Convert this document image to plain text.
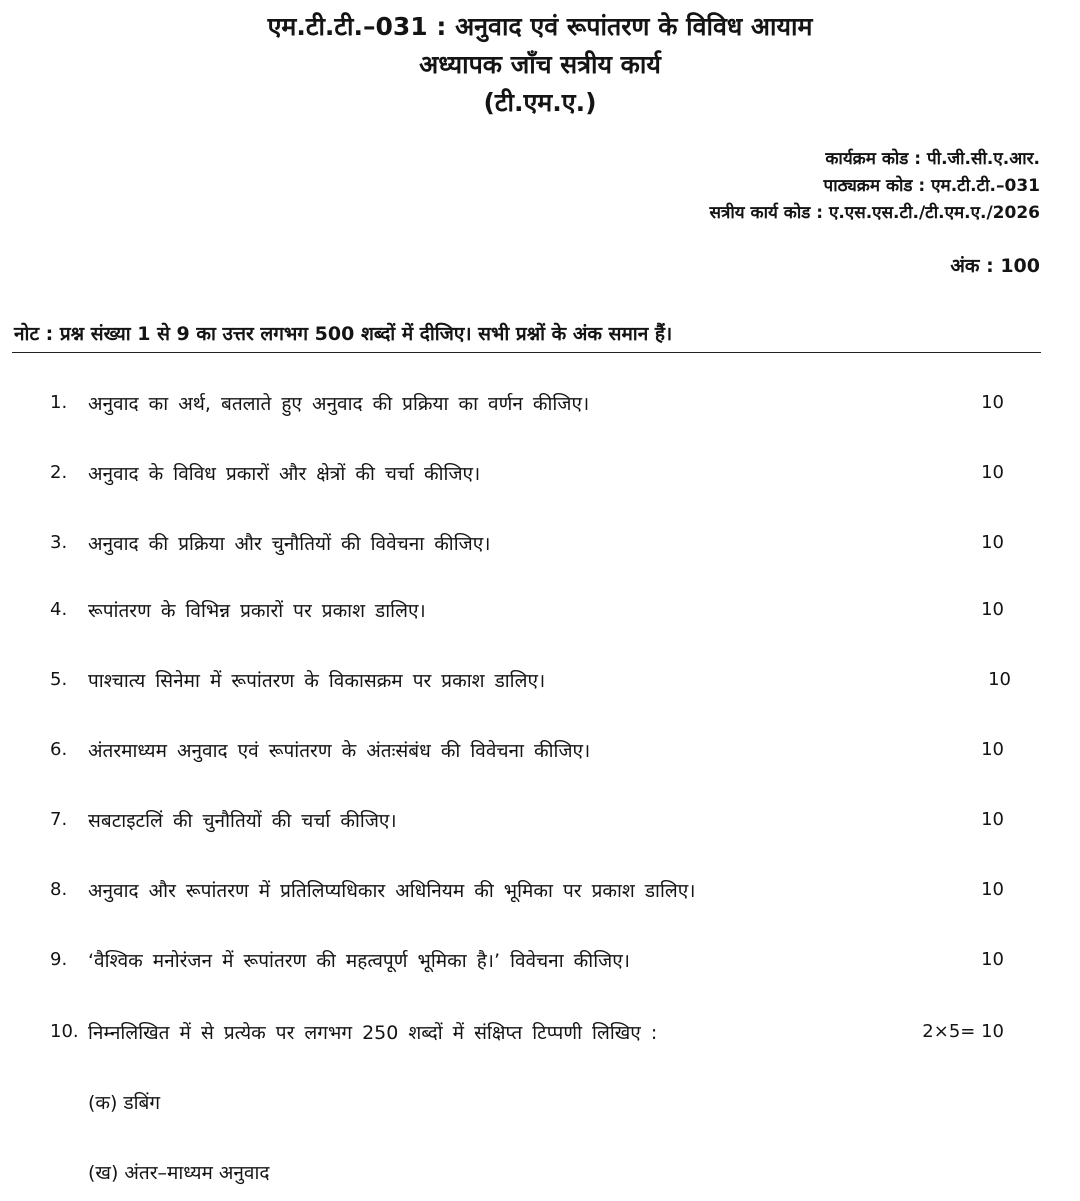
एम.टी.टी.–031 : अनुवाद एवं रूपांतरण के विविध आयाम
अध्यापक जाँच सत्रीय कार्य
(टी.एम.ए.)
कार्यक्रम कोड : पी.जी.सी.ए.आर.
पाठ्यक्रम कोड : एम.टी.टी.–031
सत्रीय कार्य कोड : ए.एस.एस.टी./टी.एम.ए./2026
अंक : 100
नोट : प्रश्न संख्या 1 से 9 का उत्तर लगभग 500 शब्दों में दीजिए। सभी प्रश्नों के अंक समान हैं।
1. अनुवाद का अर्थ, बतलाते हुए अनुवाद की प्रक्रिया का वर्णन कीजिए।	10
2. अनुवाद के विविध प्रकारों और क्षेत्रों की चर्चा कीजिए।	10
3. अनुवाद की प्रक्रिया और चुनौतियों की विवेचना कीजिए।	10
4. रूपांतरण के विभिन्न प्रकारों पर प्रकाश डालिए।	10
5. पाश्चात्य सिनेमा में रूपांतरण के विकासक्रम पर प्रकाश डालिए।	10
6. अंतरमाध्यम अनुवाद एवं रूपांतरण के अंतःसंबंध की विवेचना कीजिए।	10
7. सबटाइटलिं की चुनौतियों की चर्चा कीजिए।	10
8. अनुवाद और रूपांतरण में प्रतिलिप्यधिकार अधिनियम की भूमिका पर प्रकाश डालिए।	10
9. ‘वैश्विक मनोरंजन में रूपांतरण की महत्वपूर्ण भूमिका है।’ विवेचना कीजिए।	10
10. निम्नलिखित में से प्रत्येक पर लगभग 250 शब्दों में संक्षिप्त टिप्पणी लिखिए :	2×5= 10
(क) डबिंग
(ख) अंतर–माध्यम अनुवाद
